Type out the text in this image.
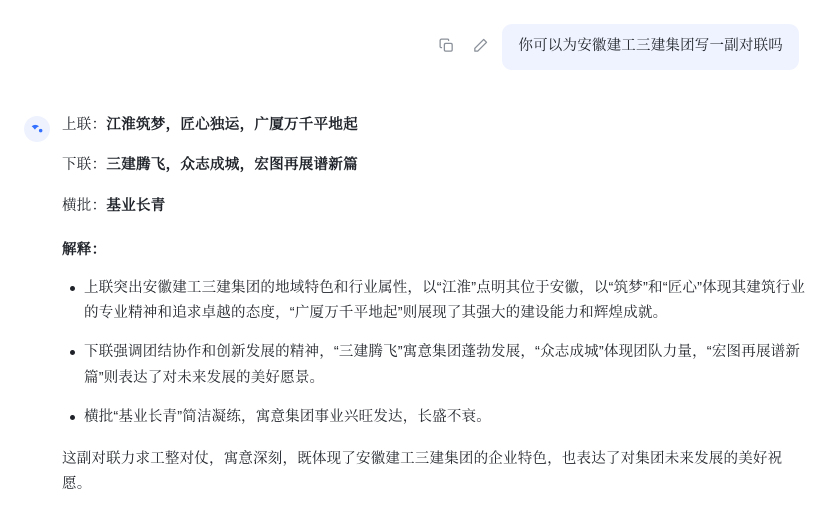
你可以为安徽建工三建集团写一副对联吗

上联：江淮筑梦，匠心独运，广厦万千平地起

下联：三建腾飞，众志成城，宏图再展谱新篇

横批：基业长青

解释：

上联突出安徽建工三建集团的地域特色和行业属性，以“江淮”点明其位于安徽，以“筑梦”和“匠心”体现其建筑行业的专业精神和追求卓越的态度，“广厦万千平地起”则展现了其强大的建设能力和辉煌成就。
下联强调团结协作和创新发展的精神，“三建腾飞”寓意集团蓬勃发展，“众志成城”体现团队力量，“宏图再展谱新篇”则表达了对未来发展的美好愿景。
横批“基业长青”简洁凝练，寓意集团事业兴旺发达，长盛不衰。

这副对联力求工整对仗，寓意深刻，既体现了安徽建工三建集团的企业特色，也表达了对集团未来发展的美好祝愿。
